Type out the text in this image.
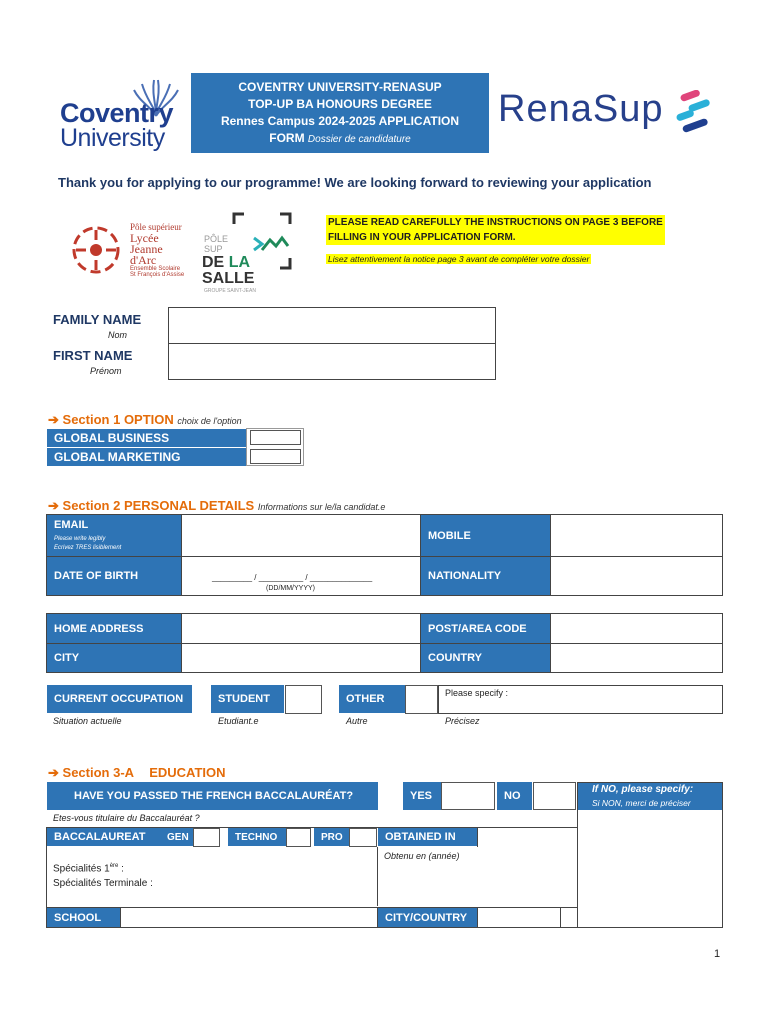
Coventry
University
COVENTRY UNIVERSITY-RENASUP
TOP-UP BA HONOURS DEGREE
Rennes Campus 2024-2025 APPLICATION
FORM Dossier de candidature
RenaSup
Thank you for applying to our programme! We are looking forward to reviewing your application
Pôle supérieur
Lycée
Jeanne
d'Arc
Ensemble Scolaire
St François d'Assise
PÔLE
SUP
DE LA
SALLE
GROUPE SAINT-JEAN
PLEASE READ CAREFULLY THE INSTRUCTIONS ON PAGE 3 BEFORE
FILLING IN YOUR APPLICATION FORM.
Lisez attentivement la notice page 3 avant de compléter votre dossier
FAMILY NAME
Nom
FIRST NAME
Prénom
➔ Section 1 OPTION choix de l'option
GLOBAL BUSINESS
GLOBAL MARKETING
➔ Section 2 PERSONAL DETAILS Informations sur le/la candidat.e
EMAIL
Please write legibly
Ecrivez TRES lisiblement
MOBILE
DATE OF BIRTH	_________ / __________ / ______________
(DD/MM/YYYY)
NATIONALITY
HOME ADDRESS	POST/AREA CODE
CITY	COUNTRY
CURRENT OCCUPATION
Situation actuelle
STUDENT
Etudiant.e
OTHER
Autre
Please specify :
Précisez
➔ Section 3-A EDUCATION
HAVE YOU PASSED THE FRENCH BACCALAURÉAT?
Etes-vous titulaire du Baccalauréat ?
YES	NO
If NO, please specify:
Si NON, merci de préciser
BACCALAUREAT	GEN	TECHNO	PRO	OBTAINED IN
Obtenu en (année)
Spécialités 1ère :
Spécialités Terminale :
SCHOOL	CITY/COUNTRY
1
